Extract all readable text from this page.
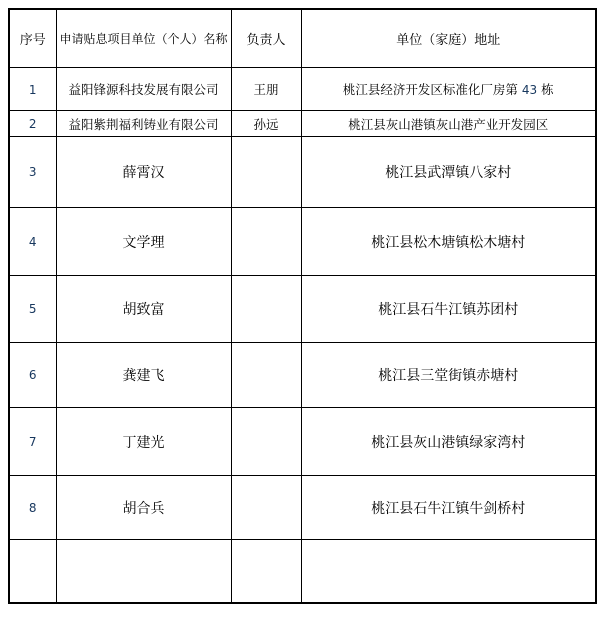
序号	申请贴息项目单位（个人）名称	负责人	单位（家庭）地址
1	益阳锋源科技发展有限公司	王朋	桃江县经济开发区标准化厂房第 43 栋
2	益阳紫荆福利铸业有限公司	孙远	桃江县灰山港镇灰山港产业开发园区
3	薛霄汉		桃江县武潭镇八家村
4	文学理		桃江县松木塘镇松木塘村
5	胡致富		桃江县石牛江镇苏团村
6	龚建飞		桃江县三堂街镇赤塘村
7	丁建光		桃江县灰山港镇绿家湾村
8	胡合兵		桃江县石牛江镇牛剑桥村
